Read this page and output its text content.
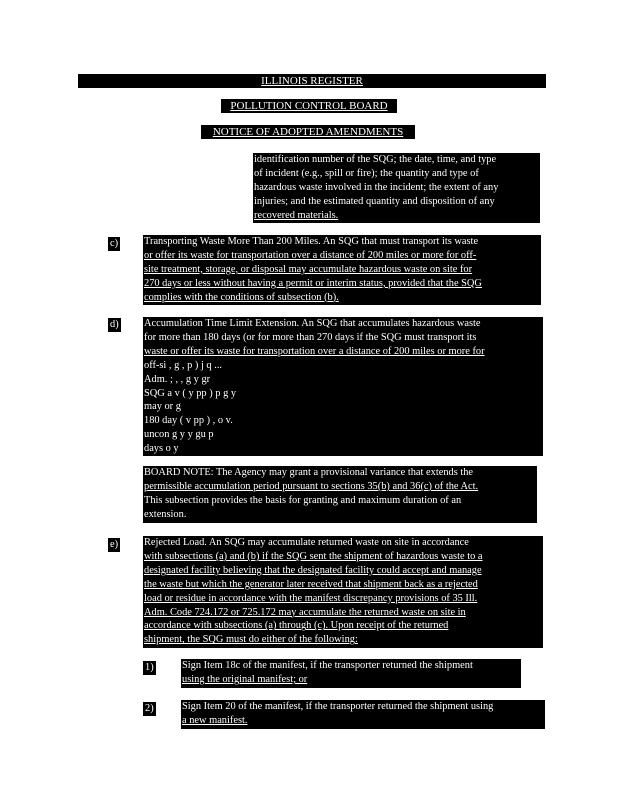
ILLINOIS REGISTER
POLLUTION CONTROL BOARD
NOTICE OF ADOPTED AMENDMENTS
identification number of the SQG; the date, time, and type
of incident (e.g., spill or fire); the quantity and type of
hazardous waste involved in the incident; the extent of any
injuries; and the estimated quantity and disposition of any
recovered materials.
c) Transporting Waste More Than 200 Miles. An SQG that must transport its waste
or offer its waste for transportation over a distance of 200 miles or more for off-
site treatment, storage, or disposal may accumulate hazardous waste on site for
270 days or less without having a permit or interim status, provided that the SQG
complies with the conditions of subsection (b).
d) Accumulation Time Limit Extension. An SQG that accumulates hazardous waste
for more than 180 days (or for more than 270 days if the SQG must transport its
waste or offer its waste for transportation over a distance of 200 miles or more for
off-si , g , p ) j q ...
Adm. ; , , g y gr
SQG a v ( y pp ) p g y
may or g
180 day ( v pp ) , o v.
uncon g y y gu p
days o y
BOARD NOTE: The Agency may grant a provisional variance that extends the
permissible accumulation period pursuant to sections 35(b) and 36(c) of the Act.
This subsection provides the basis for granting and maximum duration of an
extension.
e) Rejected Load. An SQG may accumulate returned waste on site in accordance
with subsections (a) and (b) if the SQG sent the shipment of hazardous waste to a
designated facility believing that the designated facility could accept and manage
the waste but which the generator later received that shipment back as a rejected
load or residue in accordance with the manifest discrepancy provisions of 35 Ill.
Adm. Code 724.172 or 725.172 may accumulate the returned waste on site in
accordance with subsections (a) through (c). Upon receipt of the returned
shipment, the SQG must do either of the following:
1)	Sign Item 18c of the manifest, if the transporter returned the shipment
using the original manifest; or
2)	Sign Item 20 of the manifest, if the transporter returned the shipment using
a new manifest.
